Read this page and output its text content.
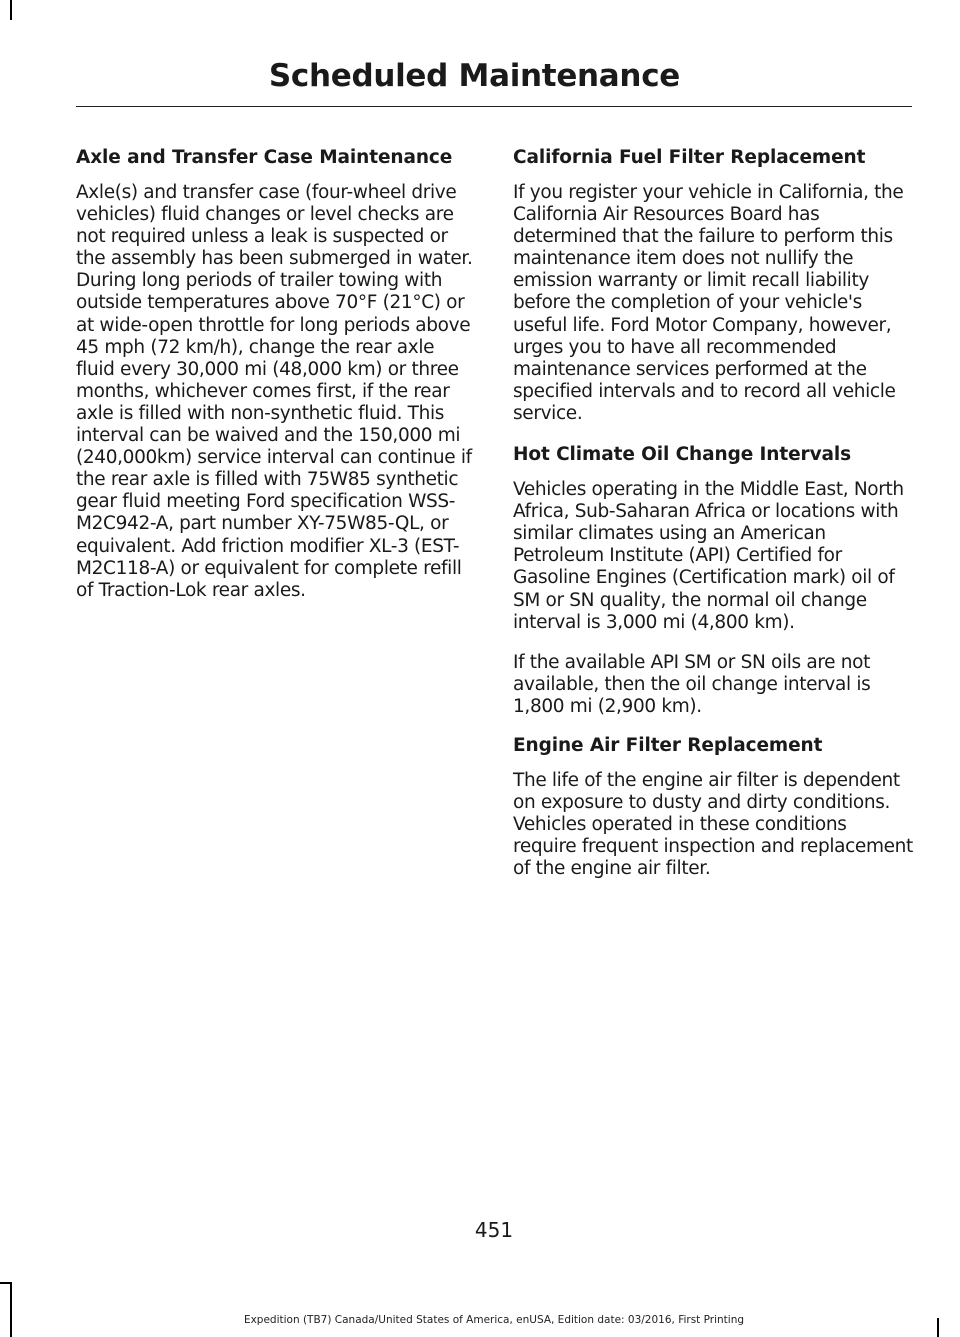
Scheduled Maintenance
Axle and Transfer Case Maintenance

Axle(s) and transfer case (four-wheel drive vehicles) fluid changes or level checks are not required unless a leak is suspected or the assembly has been submerged in water. During long periods of trailer towing with outside temperatures above 70°F (21°C) or at wide-open throttle for long periods above 45 mph (72 km/h), change the rear axle fluid every 30,000 mi (48,000 km) or three months, whichever comes first, if the rear axle is filled with non-synthetic fluid. This interval can be waived and the 150,000 mi (240,000km) service interval can continue if the rear axle is filled with 75W85 synthetic gear fluid meeting Ford specification WSS-M2C942-A, part number XY-75W85-QL, or equivalent. Add friction modifier XL-3 (EST-M2C118-A) or equivalent for complete refill of Traction-Lok rear axles.

California Fuel Filter Replacement

If you register your vehicle in California, the California Air Resources Board has determined that the failure to perform this maintenance item does not nullify the emission warranty or limit recall liability before the completion of your vehicle's useful life. Ford Motor Company, however, urges you to have all recommended maintenance services performed at the specified intervals and to record all vehicle service.

Hot Climate Oil Change Intervals

Vehicles operating in the Middle East, North Africa, Sub-Saharan Africa or locations with similar climates using an American Petroleum Institute (API) Certified for Gasoline Engines (Certification mark) oil of SM or SN quality, the normal oil change interval is 3,000 mi (4,800 km).

If the available API SM or SN oils are not available, then the oil change interval is 1,800 mi (2,900 km).

Engine Air Filter Replacement

The life of the engine air filter is dependent on exposure to dusty and dirty conditions. Vehicles operated in these conditions require frequent inspection and replacement of the engine air filter.

451
Expedition (TB7) Canada/United States of America, enUSA, Edition date: 03/2016, First Printing
